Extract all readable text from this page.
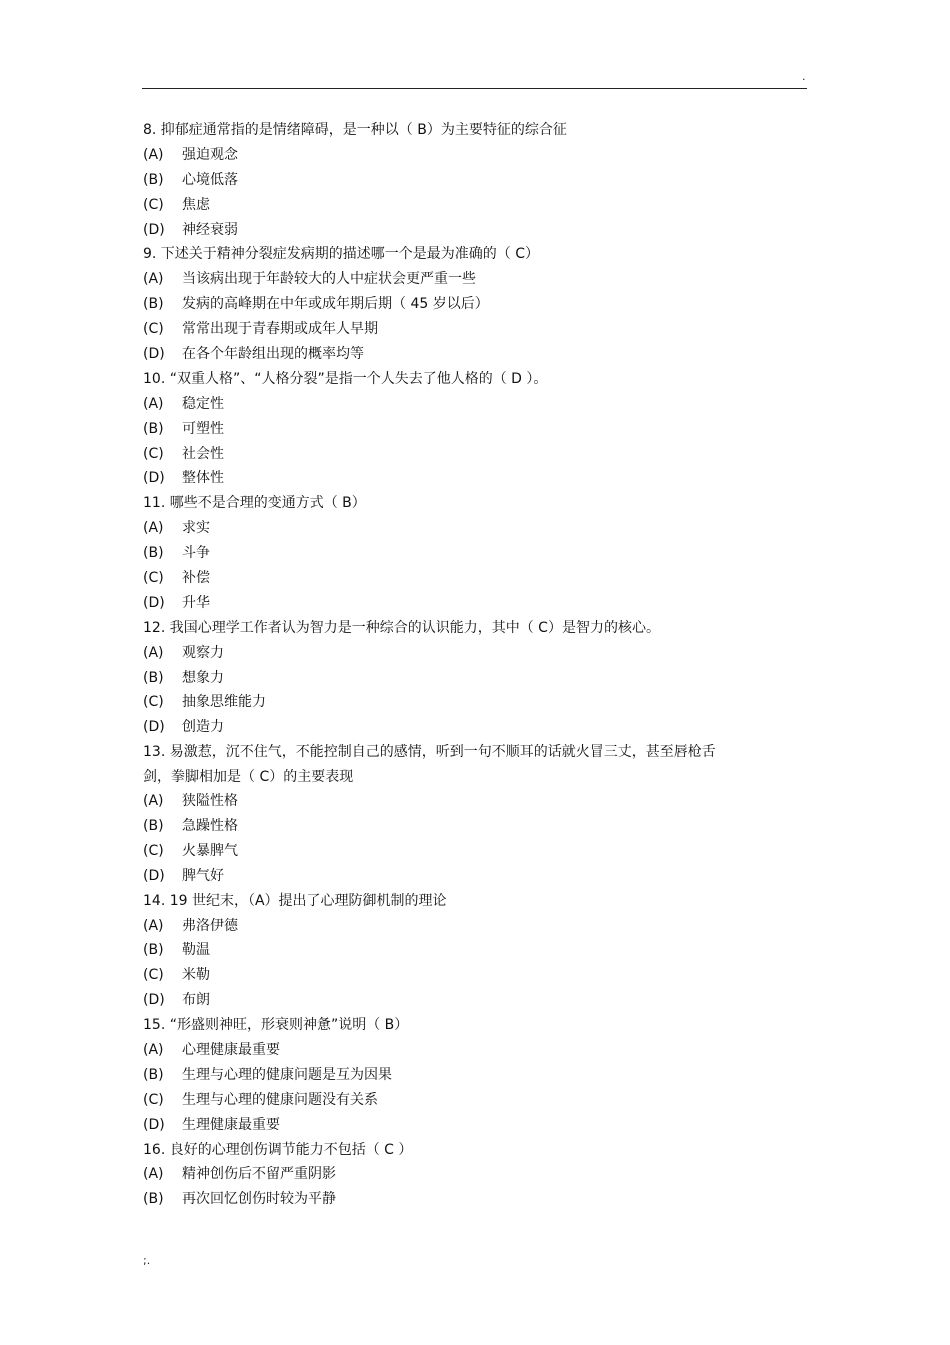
.
8. 抑郁症通常指的是情绪障碍，是一种以（ B）为主要特征的综合征
(A) 强迫观念
(B) 心境低落
(C) 焦虑
(D) 神经衰弱
9. 下述关于精神分裂症发病期的描述哪一个是最为准确的（ C）
(A) 当该病出现于年龄较大的人中症状会更严重一些
(B) 发病的高峰期在中年或成年期后期（ 45 岁以后）
(C) 常常出现于青春期或成年人早期
(D) 在各个年龄组出现的概率均等
10. “双重人格”、“人格分裂”是指一个人失去了他人格的（ D ）。
(A) 稳定性
(B) 可塑性
(C) 社会性
(D) 整体性
11. 哪些不是合理的变通方式（ B）
(A) 求实
(B) 斗争
(C) 补偿
(D) 升华
12. 我国心理学工作者认为智力是一种综合的认识能力，其中（ C）是智力的核心。
(A) 观察力
(B) 想象力
(C) 抽象思维能力
(D) 创造力
13. 易激惹，沉不住气，不能控制自己的感情，听到一句不顺耳的话就火冒三丈，甚至唇枪舌剑，拳脚相加是（ C）的主要表现
(A) 狭隘性格
(B) 急躁性格
(C) 火暴脾气
(D) 脾气好
14. 19 世纪末，（A）提出了心理防御机制的理论
(A) 弗洛伊德
(B) 勒温
(C) 米勒
(D) 布朗
15. “形盛则神旺，形衰则神惫”说明（ B）
(A) 心理健康最重要
(B) 生理与心理的健康问题是互为因果
(C) 生理与心理的健康问题没有关系
(D) 生理健康最重要
16. 良好的心理创伤调节能力不包括（ C ）
(A) 精神创伤后不留严重阴影
(B) 再次回忆创伤时较为平静
;.
